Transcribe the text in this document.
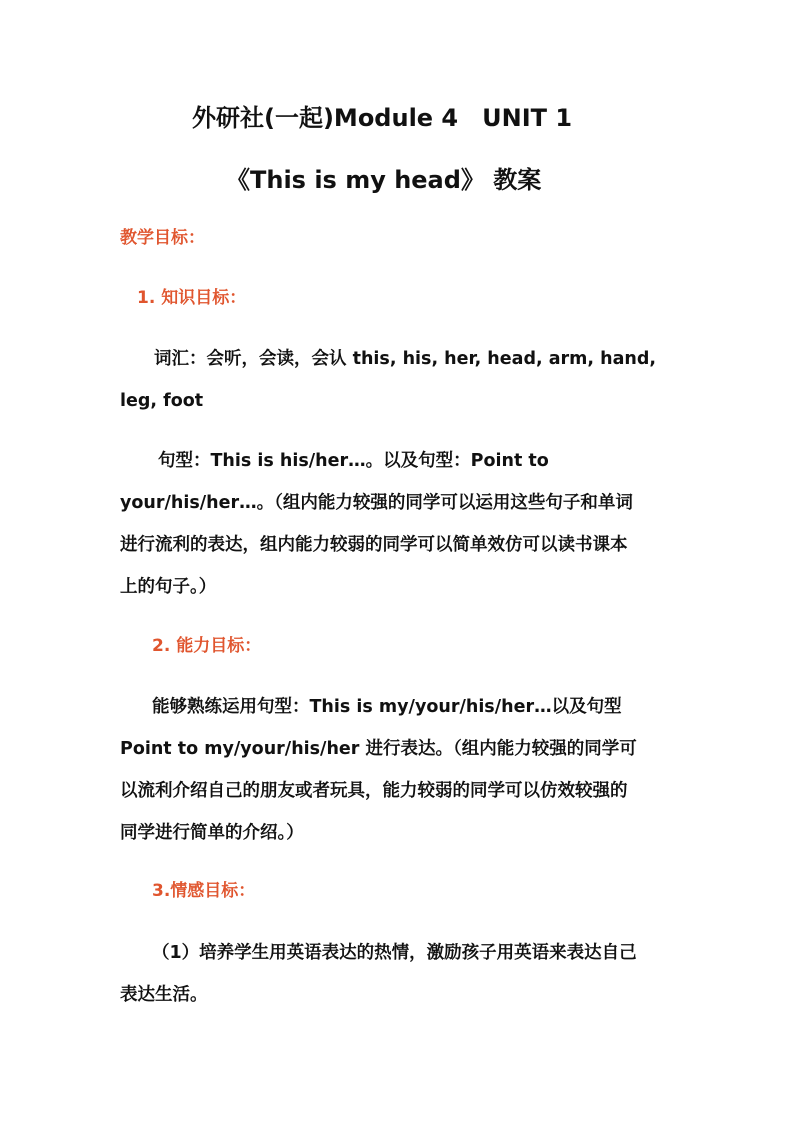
外研社(一起)Module 4　UNIT 1
《This is my head》 教案
教学目标：
1. 知识目标：

词汇：会听，会读，会认 this, his, her, head, arm, hand,
leg, foot

句型：This is his/her…。以及句型：Point to
your/his/her…。（组内能力较强的同学可以运用这些句子和单词
进行流利的表达，组内能力较弱的同学可以简单效仿可以读书课本
上的句子。）

2. 能力目标：

能够熟练运用句型：This is my/your/his/her…以及句型
Point to my/your/his/her 进行表达。（组内能力较强的同学可
以流利介绍自己的朋友或者玩具，能力较弱的同学可以仿效较强的
同学进行简单的介绍。）

3.情感目标：

（1）培养学生用英语表达的热情，激励孩子用英语来表达自己
表达生活。
